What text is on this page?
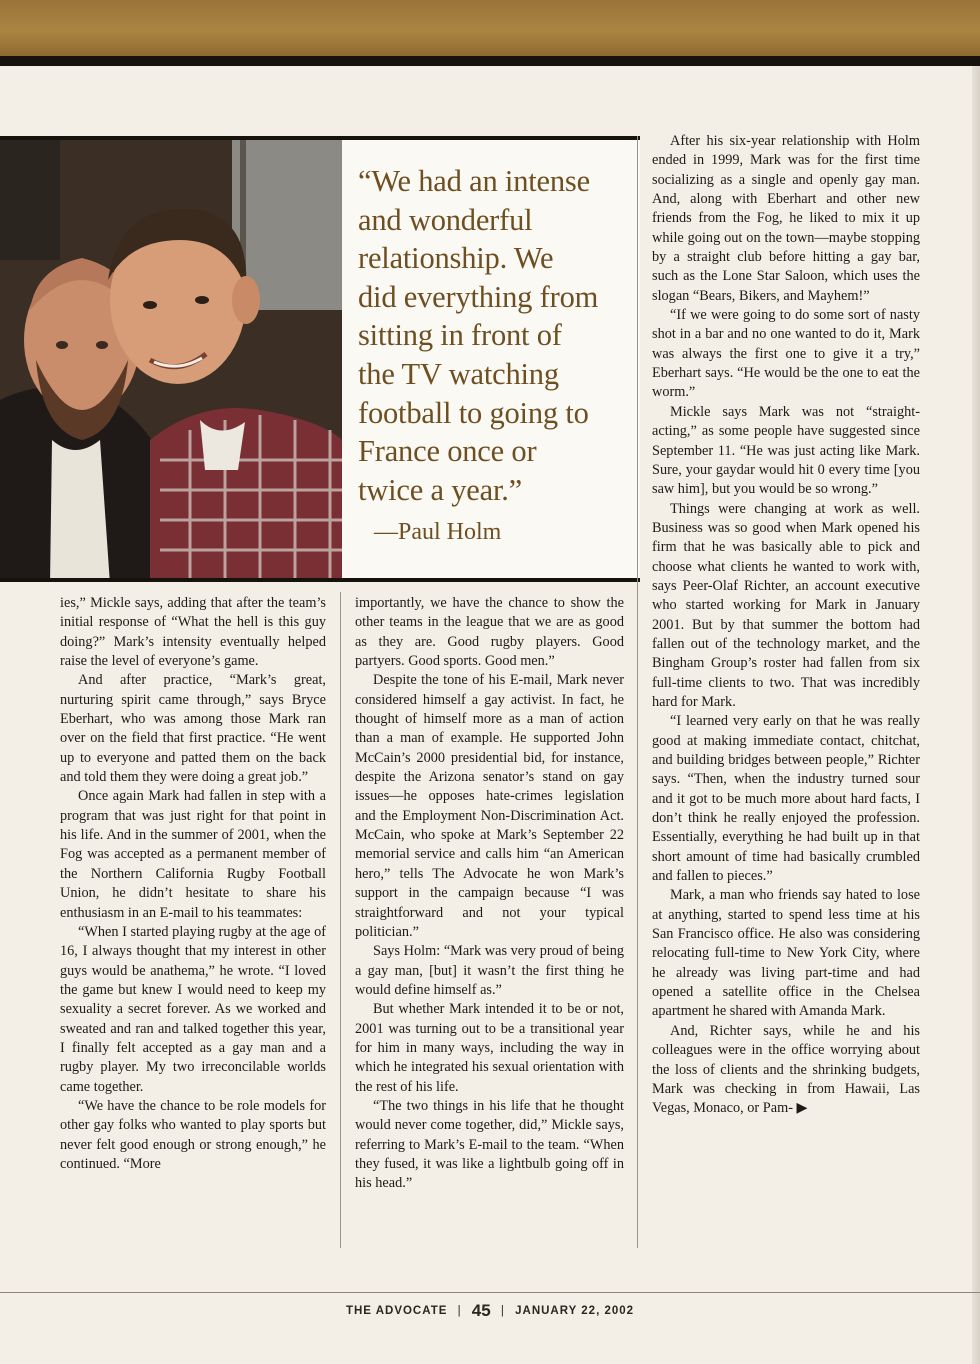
“We had an intense
and wonderful
relationship. We
did everything from
sitting in front of
the TV watching
football to going to
France once or
twice a year.”
—Paul Holm

ies,” Mickle says, adding that after the team’s initial response of “What the hell is this guy doing?” Mark’s intensity eventually helped raise the level of everyone’s game.

And after practice, “Mark’s great, nurturing spirit came through,” says Bryce Eberhart, who was among those Mark ran over on the field that first practice. “He went up to everyone and patted them on the back and told them they were doing a great job.”

Once again Mark had fallen in step with a program that was just right for that point in his life. And in the summer of 2001, when the Fog was accepted as a permanent member of the Northern California Rugby Football Union, he didn’t hesitate to share his enthusiasm in an E-mail to his teammates:

“When I started playing rugby at the age of 16, I always thought that my interest in other guys would be anathema,” he wrote. “I loved the game but knew I would need to keep my sexuality a secret forever. As we worked and sweated and ran and talked together this year, I finally felt accepted as a gay man and a rugby player. My two irreconcilable worlds came together.

“We have the chance to be role models for other gay folks who wanted to play sports but never felt good enough or strong enough,” he continued. “More

importantly, we have the chance to show the other teams in the league that we are as good as they are. Good rugby players. Good partyers. Good sports. Good men.”

Despite the tone of his E-mail, Mark never considered himself a gay activist. In fact, he thought of himself more as a man of action than a man of example. He supported John McCain’s 2000 presidential bid, for instance, despite the Arizona senator’s stand on gay issues—he opposes hate-crimes legislation and the Employment Non-Discrimination Act. McCain, who spoke at Mark’s September 22 memorial service and calls him “an American hero,” tells The Advocate he won Mark’s support in the campaign because “I was straightforward and not your typical politician.”

Says Holm: “Mark was very proud of being a gay man, [but] it wasn’t the first thing he would define himself as.”

But whether Mark intended it to be or not, 2001 was turning out to be a transitional year for him in many ways, including the way in which he integrated his sexual orientation with the rest of his life.

“The two things in his life that he thought would never come together, did,” Mickle says, referring to Mark’s E-mail to the team. “When they fused, it was like a lightbulb going off in his head.”

After his six-year relationship with Holm ended in 1999, Mark was for the first time socializing as a single and openly gay man. And, along with Eberhart and other new friends from the Fog, he liked to mix it up while going out on the town—maybe stopping by a straight club before hitting a gay bar, such as the Lone Star Saloon, which uses the slogan “Bears, Bikers, and Mayhem!”

“If we were going to do some sort of nasty shot in a bar and no one wanted to do it, Mark was always the first one to give it a try,” Eberhart says. “He would be the one to eat the worm.”

Mickle says Mark was not “straight-acting,” as some people have suggested since September 11. “He was just acting like Mark. Sure, your gaydar would hit 0 every time [you saw him], but you would be so wrong.”

Things were changing at work as well. Business was so good when Mark opened his firm that he was basically able to pick and choose what clients he wanted to work with, says Peer-Olaf Richter, an account executive who started working for Mark in January 2001. But by that summer the bottom had fallen out of the technology market, and the Bingham Group’s roster had fallen from six full-time clients to two. That was incredibly hard for Mark.

“I learned very early on that he was really good at making immediate contact, chitchat, and building bridges between people,” Richter says. “Then, when the industry turned sour and it got to be much more about hard facts, I don’t think he really enjoyed the profession. Essentially, everything he had built up in that short amount of time had basically crumbled and fallen to pieces.”

Mark, a man who friends say hated to lose at anything, started to spend less time at his San Francisco office. He also was considering relocating full-time to New York City, where he already was living part-time and had opened a satellite office in the Chelsea apartment he shared with Amanda Mark.

And, Richter says, while he and his colleagues were in the office worrying about the loss of clients and the shrinking budgets, Mark was checking in from Hawaii, Las Vegas, Monaco, or Pam- ▶

THE ADVOCATE | 45 | JANUARY 22, 2002
